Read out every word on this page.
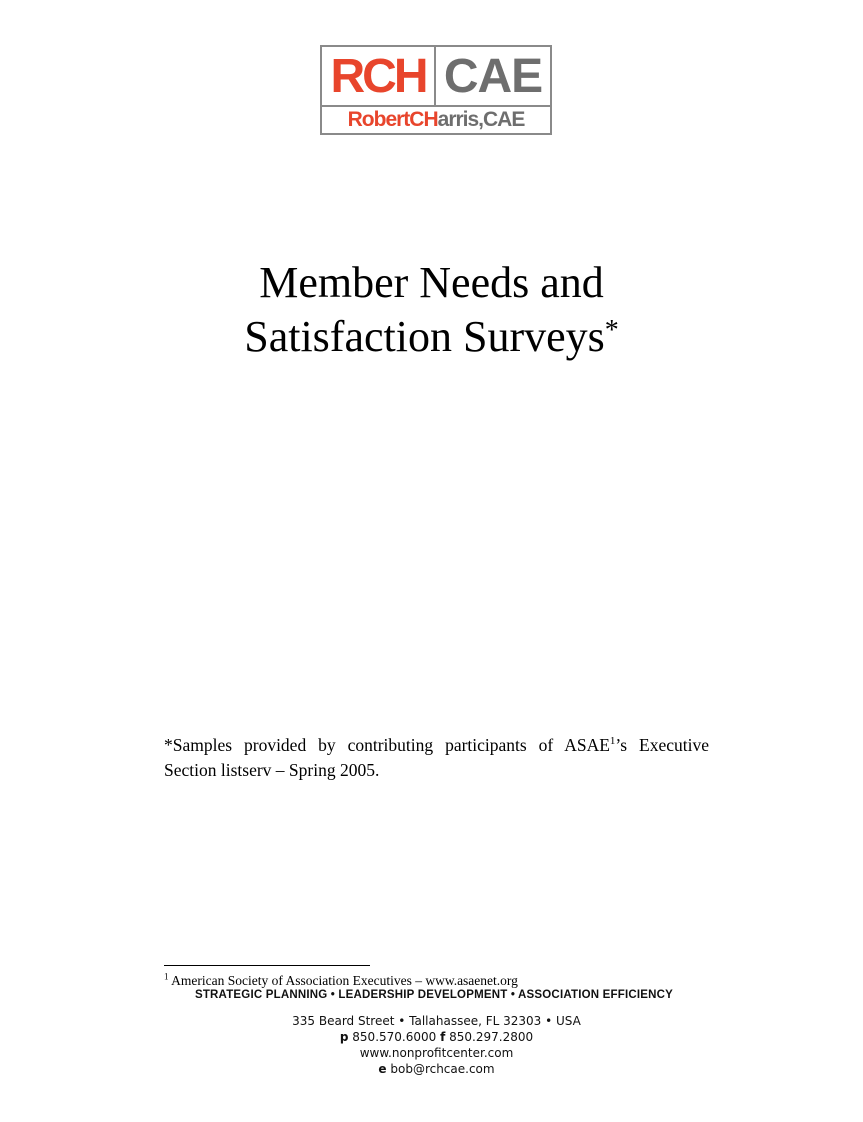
RCH CAE
Robert CH arris,CAE
Member Needs and
Satisfaction Surveys*
*Samples provided by contributing participants of ASAE$^1$’s Executive Section listserv – Spring 2005.
$^1$ American Society of Association Executives – www.asaenet.org
STRATEGIC PLANNING • LEADERSHIP DEVELOPMENT • ASSOCIATION EFFICIENCY
335 Beard Street • Tallahassee, FL 32303 • USA
p 850.570.6000 f 850.297.2800
www.nonprofitcenter.com
e bob@rchcae.com
